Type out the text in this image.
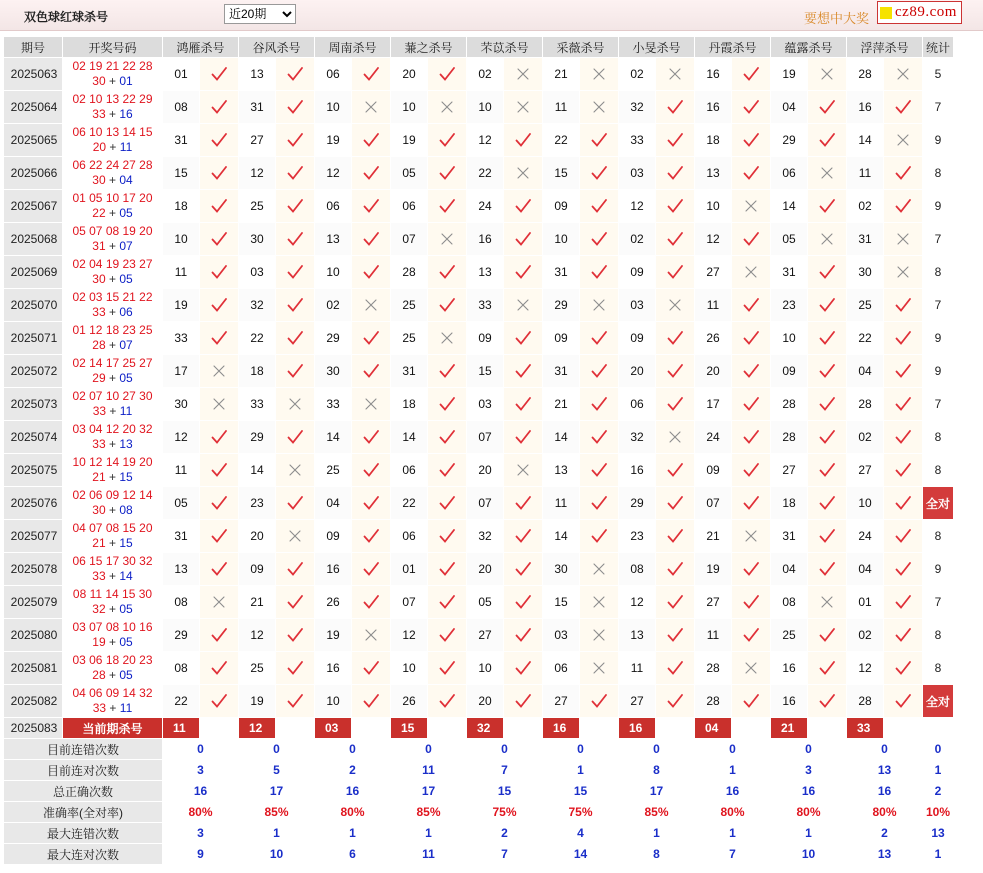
双色球红球杀号
近20期	要想中大奖 cz89.com
期号	开奖号码	鸿雁杀号		谷风杀号		周南杀号		蒹之杀号		芣苡杀号		采薇杀号		小旻杀号		丹霞杀号		蕴露杀号		浮萍杀号		统计
2025063	02 19 21 22 28
30 + 01	01		13		06		20		02		21		02		16		19		28		5
2025064	02 10 13 22 29
33 + 16	08		31		10		10		10		11		32		16		04		16		7
2025065	06 10 13 14 15
20 + 11	31		27		19		19		12		22		33		18		29		14		9
2025066	06 22 24 27 28
30 + 04	15		12		12		05		22		15		03		13		06		11		8
2025067	01 05 10 17 20
22 + 05	18		25		06		06		24		09		12		10		14		02		9
2025068	05 07 08 19 20
31 + 07	10		30		13		07		16		10		02		12		05		31		7
2025069	02 04 19 23 27
30 + 05	11		03		10		28		13		31		09		27		31		30		8
2025070	02 03 15 21 22
33 + 06	19		32		02		25		33		29		03		11		23		25		7
2025071	01 12 18 23 25
28 + 07	33		22		29		25		09		09		09		26		10		22		9
2025072	02 14 17 25 27
29 + 05	17		18		30		31		15		31		20		20		09		04		9
2025073	02 07 10 27 30
33 + 11	30		33		33		18		03		21		06		17		28		28		7
2025074	03 04 12 20 32
33 + 13	12		29		14		14		07		14		32		24		28		02		8
2025075	10 12 14 19 20
21 + 15	11		14		25		06		20		13		16		09		27		27		8
2025076	02 06 09 12 14
30 + 08	05		23		04		22		07		11		29		07		18		10		全对
2025077	04 07 08 15 20
21 + 15	31		20		09		06		32		14		23		21		31		24		8
2025078	06 15 17 30 32
33 + 14	13		09		16		01		20		30		08		19		04		04		9
2025079	08 11 14 15 30
32 + 05	08		21		26		07		05		15		12		27		08		01		7
2025080	03 07 08 10 16
19 + 05	29		12		19		12		27		03		13		11		25		02		8
2025081	03 06 18 20 23
28 + 05	08		25		16		10		10		06		11		28		16		12		8
2025082	04 06 09 14 32
33 + 11	22		19		10		26		20		27		27		28		16		28		全对
2025083	当前期杀号	11		12		03		15		32		16		16		04		21		33		
目前连错次数		0		0		0		0		0		0		0		0		0		0		0
目前连对次数		3		5		2		11		7		1		8		1		3		13		1
总正确次数		16		17		16		17		15		15		17		16		16		16		2
准确率(全对率)		80%		85%		80%		85%		75%		75%		85%		80%		80%		80%		10%
最大连错次数		3		1		1		1		2		4		1		1		1		2		13
最大连对次数		9		10		6		11		7		14		8		7		10		13		1
